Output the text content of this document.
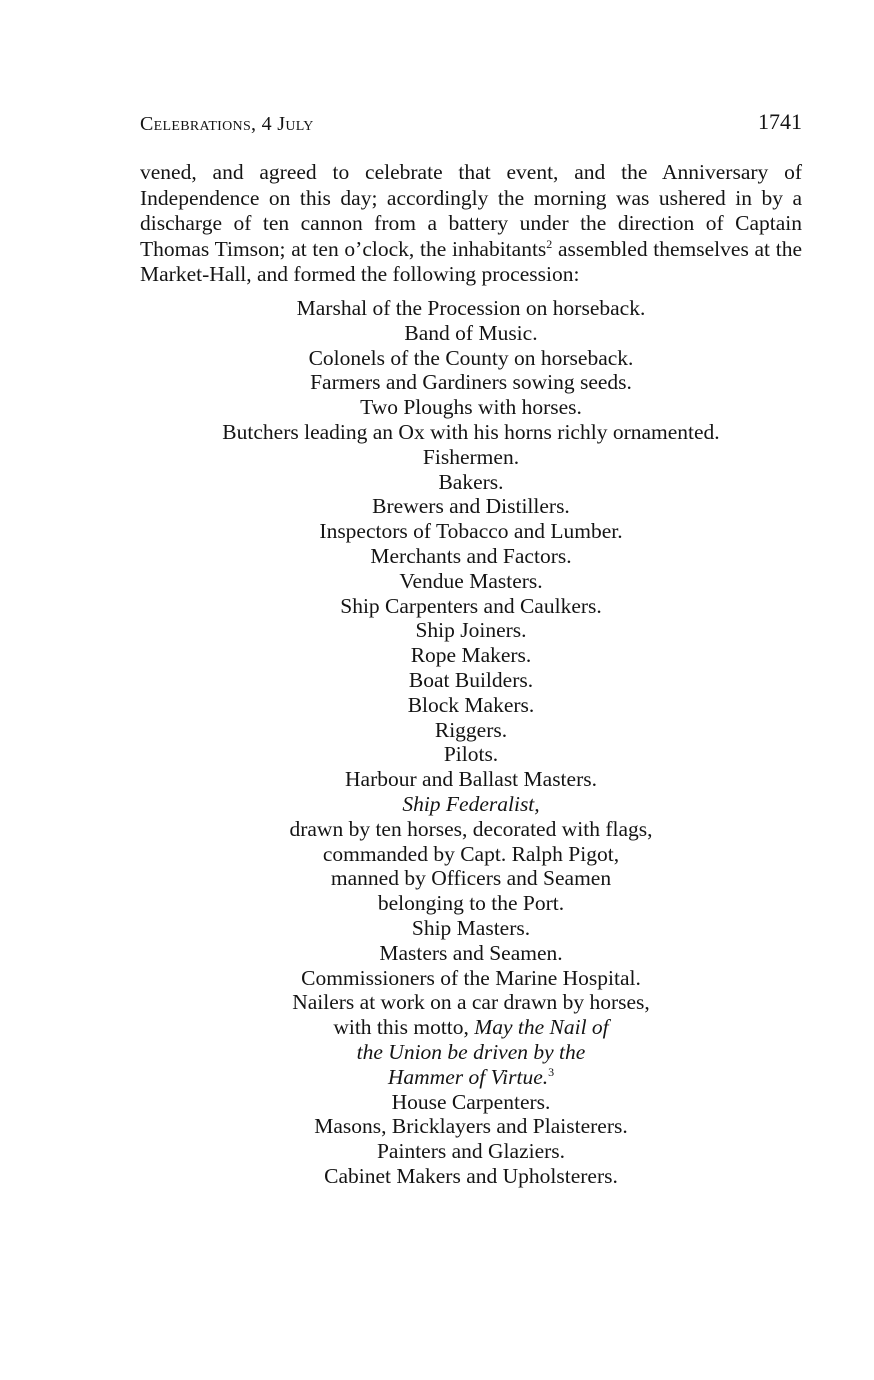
Celebrations, 4 July	1741

vened, and agreed to celebrate that event, and the Anniversary of Independence on this day; accordingly the morning was ushered in by a discharge of ten cannon from a battery under the direction of Captain Thomas Timson; at ten o’clock, the inhabitants$^2$ assembled themselves at the Market-Hall, and formed the following procession:

Marshal of the Procession on horseback.
Band of Music.
Colonels of the County on horseback.
Farmers and Gardiners sowing seeds.
Two Ploughs with horses.
Butchers leading an Ox with his horns richly ornamented.
Fishermen.
Bakers.
Brewers and Distillers.
Inspectors of Tobacco and Lumber.
Merchants and Factors.
Vendue Masters.
Ship Carpenters and Caulkers.
Ship Joiners.
Rope Makers.
Boat Builders.
Block Makers.
Riggers.
Pilots.
Harbour and Ballast Masters.
Ship Federalist,
drawn by ten horses, decorated with flags,
commanded by Capt. Ralph Pigot,
manned by Officers and Seamen
belonging to the Port.
Ship Masters.
Masters and Seamen.
Commissioners of the Marine Hospital.
Nailers at work on a car drawn by horses,
with this motto, May the Nail of
the Union be driven by the
Hammer of Virtue.$^3$
House Carpenters.
Masons, Bricklayers and Plaisterers.
Painters and Glaziers.
Cabinet Makers and Upholsterers.
